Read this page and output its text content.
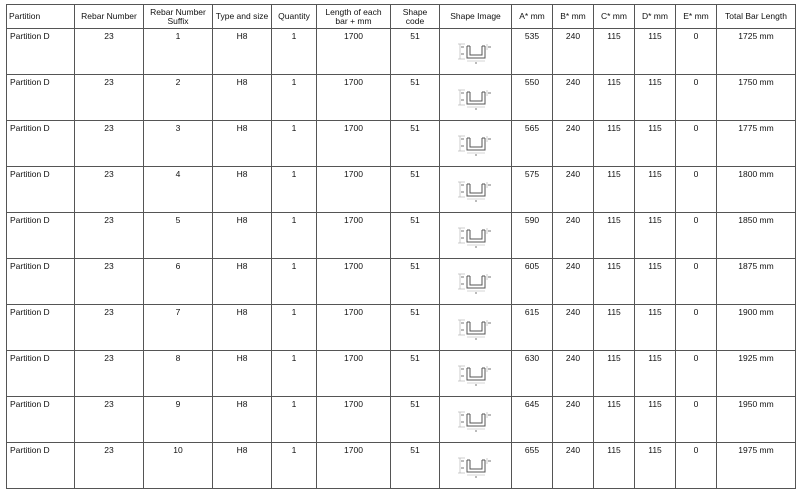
Partition	Rebar Number	Rebar Number Suffix	Type and size	Quantity	Length of each bar + mm	Shape code	Shape Image	A* mm	B* mm	C* mm	D* mm	E* mm	Total Bar Length
Partition D	23	1	H8	1	1700	51		535	240	115	115	0	1725 mm
Partition D	23	2	H8	1	1700	51		550	240	115	115	0	1750 mm
Partition D	23	3	H8	1	1700	51		565	240	115	115	0	1775 mm
Partition D	23	4	H8	1	1700	51		575	240	115	115	0	1800 mm
Partition D	23	5	H8	1	1700	51		590	240	115	115	0	1850 mm
Partition D	23	6	H8	1	1700	51		605	240	115	115	0	1875 mm
Partition D	23	7	H8	1	1700	51		615	240	115	115	0	1900 mm
Partition D	23	8	H8	1	1700	51		630	240	115	115	0	1925 mm
Partition D	23	9	H8	1	1700	51		645	240	115	115	0	1950 mm
Partition D	23	10	H8	1	1700	51		655	240	115	115	0	1975 mm
